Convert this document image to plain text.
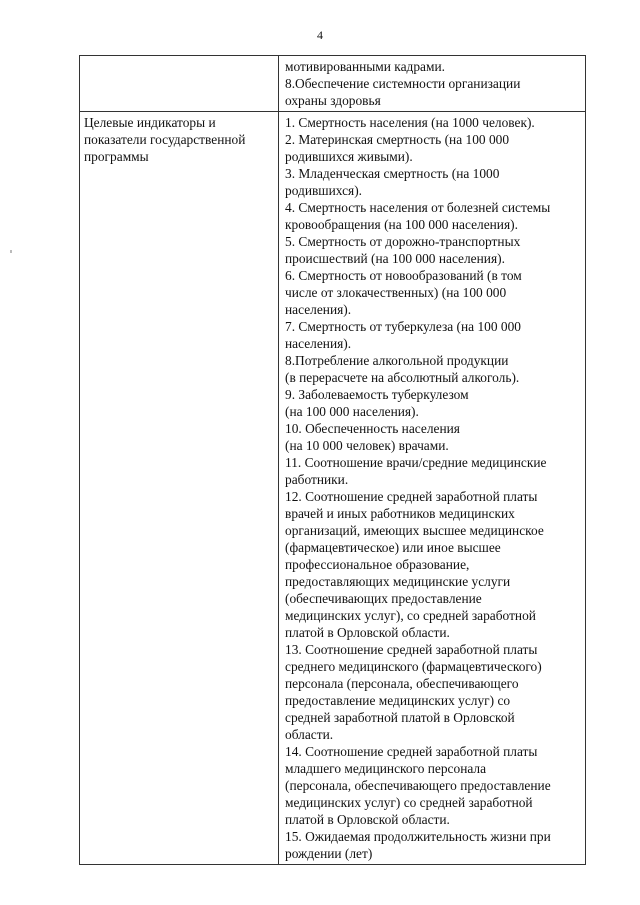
4
мотивированными кадрами.
8.Обеспечение системности организации
охраны здоровья
Целевые индикаторы и
показатели государственной
программы
1. Смертность населения (на 1000 человек).
2. Материнская смертность (на 100 000
родившихся живыми).
3. Младенческая смертность (на 1000
родившихся).
4. Смертность населения от болезней системы
кровообращения (на 100 000 населения).
5. Смертность от дорожно-транспортных
происшествий (на 100 000 населения).
6. Смертность от новообразований (в том
числе от злокачественных) (на 100 000
населения).
7. Смертность от туберкулеза (на 100 000
населения).
8.Потребление алкогольной продукции
(в перерасчете на абсолютный алкоголь).
9. Заболеваемость туберкулезом
(на 100 000 населения).
10. Обеспеченность населения
(на 10 000 человек) врачами.
11. Соотношение врачи/средние медицинские
работники.
12. Соотношение средней заработной платы
врачей и иных работников медицинских
организаций, имеющих высшее медицинское
(фармацевтическое) или иное высшее
профессиональное образование,
предоставляющих медицинские услуги
(обеспечивающих предоставление
медицинских услуг), со средней заработной
платой в Орловской области.
13. Соотношение средней заработной платы
среднего медицинского (фармацевтического)
персонала (персонала, обеспечивающего
предоставление медицинских услуг) со
средней заработной платой в Орловской
области.
14. Соотношение средней заработной платы
младшего медицинского персонала
(персонала, обеспечивающего предоставление
медицинских услуг) со средней заработной
платой в Орловской области.
15. Ожидаемая продолжительность жизни при
рождении (лет)
